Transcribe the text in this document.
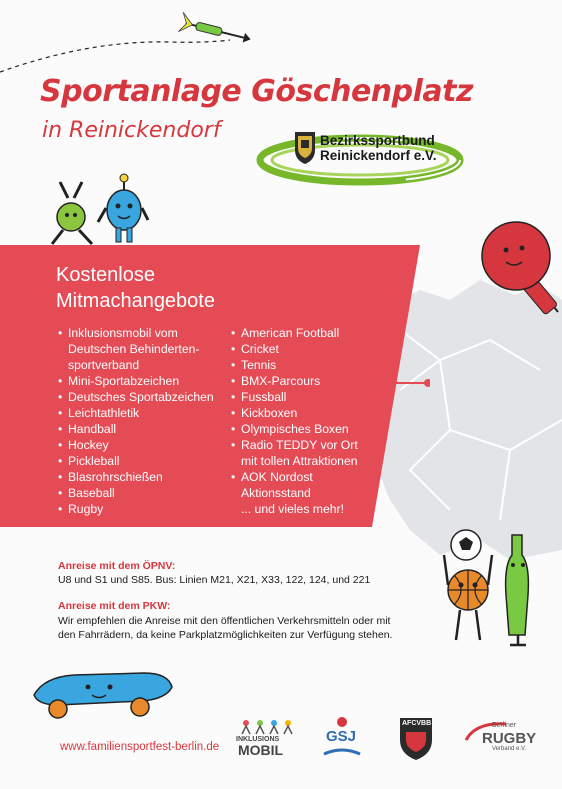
Sportanlage Göschenplatz
in Reinickendorf	Bezirkssportbund
Reinickendorf e.V.
Kostenlose
Mitmachangebote
• Inklusionsmobil vom
Deutschen Behinderten-
sportverband
• Mini-Sportabzeichen
• Deutsches Sportabzeichen
• Leichtathletik
• Handball
• Hockey
• Pickleball
• Blasrohrschießen
• Baseball
• Rugby
• American Football
• Cricket
• Tennis
• BMX-Parcours
• Fussball
• Kickboxen
• Olympisches Boxen
• Radio TEDDY vor Ort
mit tollen Attraktionen
• AOK Nordost
Aktionsstand
... und vieles mehr!
Anreise mit dem ÖPNV:
U8 und S1 und S85. Bus: Linien M21, X21, X33, 122, 124, und 221
Anreise mit dem PKW:
Wir empfehlen die Anreise mit den öffentlichen Verkehrsmitteln oder mit
den Fahrrädern, da keine Parkplatzmöglichkeiten zur Verfügung stehen.
www.familiensportfest-berlin.de
INKLUSIONS
MOBIL
GSJ
AFCVBB	Berliner
RUGBY
Verband e.V.
